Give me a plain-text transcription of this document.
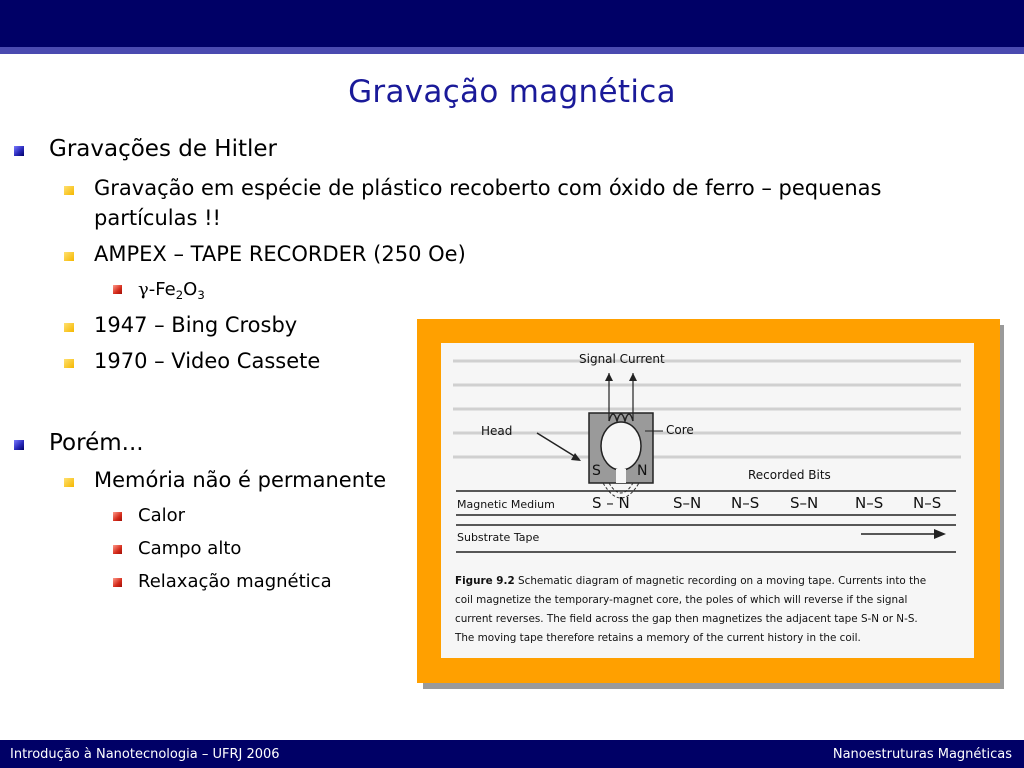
Gravação magnética
Gravações de Hitler
Gravação em espécie de plástico recoberto com óxido de ferro – pequenas
partículas !!
AMPEX – TAPE RECORDER (250 Oe)
$\gamma-Fe_2O_3$
1947 – Bing Crosby
1970 – Video Cassete
Porém...
Memória não é permanente
Calor
Campo alto
Relaxação magnética
Signal Current
Head	Core
S	N	Recorded Bits
Magnetic Medium S – N	S–N N–S S–N N–S N–S
Substrate Tape
Figure 9.2 Schematic diagram of magnetic recording on a moving tape. Currents into the
coil magnetize the temporary-magnet core, the poles of which will reverse if the signal
current reverses. The field across the gap then magnetizes the adjacent tape S-N or N-S.
The moving tape therefore retains a memory of the current history in the coil.
Introdução à Nanotecnologia – UFRJ 2006	Nanoestruturas Magnéticas
